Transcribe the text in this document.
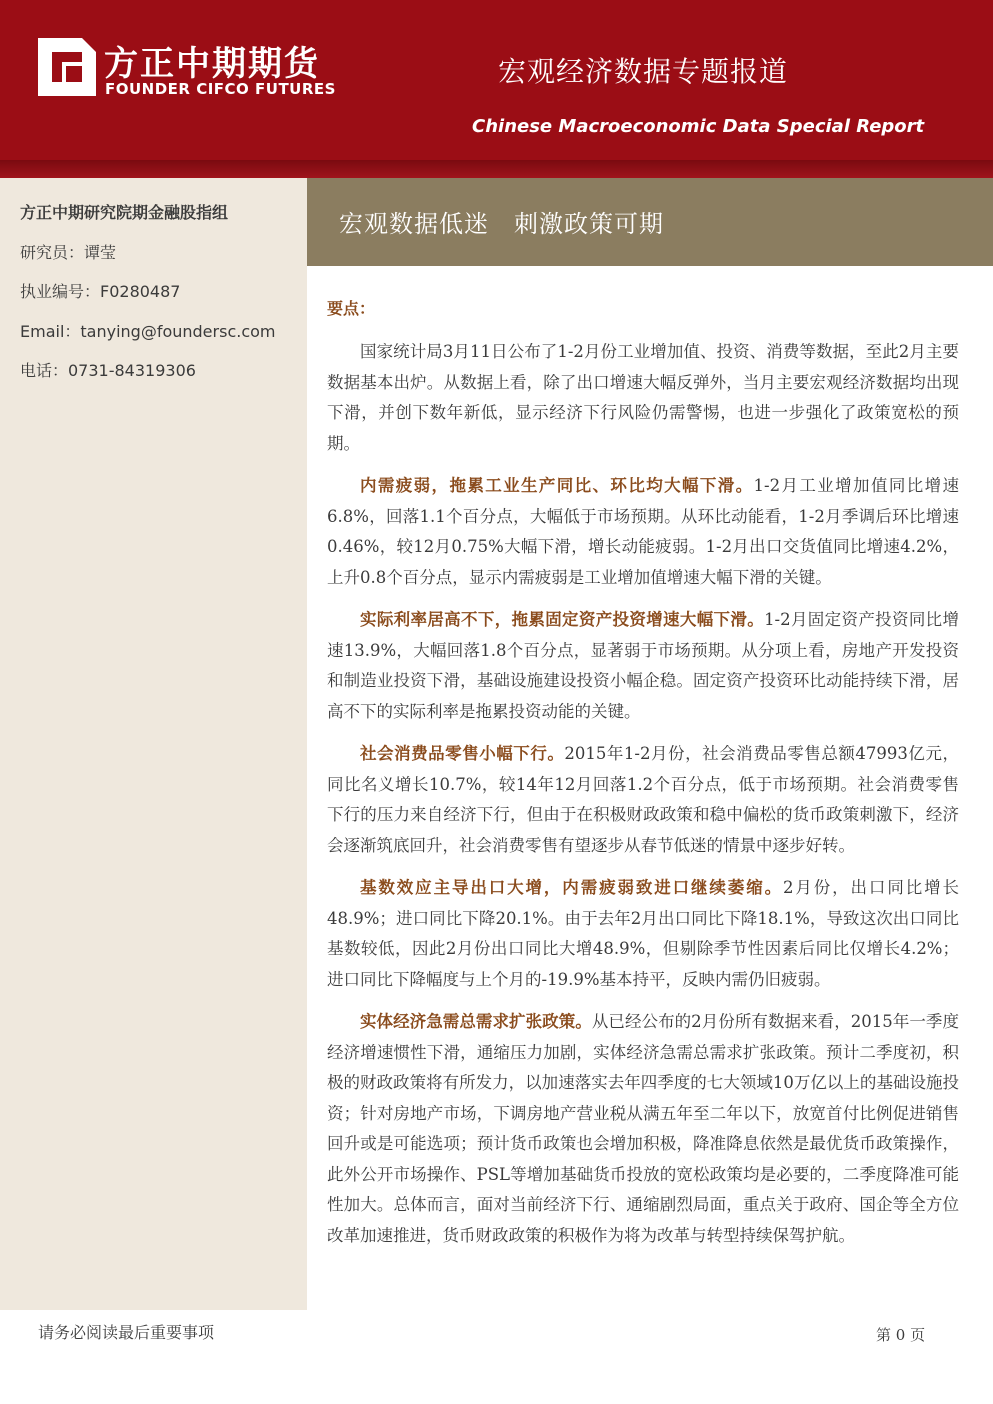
方正中期期货
FOUNDER CIFCO FUTURES
宏观经济数据专题报道
Chinese Macroeconomic Data Special Report
方正中期研究院期金融股指组
研究员：谭莹
执业编号：F0280487
Email：tanying@foundersc.com
电话：0731-84319306
宏观数据低迷　刺激政策可期
要点：

国家统计局3月11日公布了1-2月份工业增加值、投资、消费等数据，至此2月主要数据基本出炉。从数据上看，除了出口增速大幅反弹外，当月主要宏观经济数据均出现下滑，并创下数年新低，显示经济下行风险仍需警惕，也进一步强化了政策宽松的预期。

内需疲弱，拖累工业生产同比、环比均大幅下滑。1-2月工业增加值同比增速6.8%，回落1.1个百分点，大幅低于市场预期。从环比动能看，1-2月季调后环比增速0.46%，较12月0.75%大幅下滑，增长动能疲弱。1-2月出口交货值同比增速4.2%，上升0.8个百分点，显示内需疲弱是工业增加值增速大幅下滑的关键。

实际利率居高不下，拖累固定资产投资增速大幅下滑。1-2月固定资产投资同比增速13.9%，大幅回落1.8个百分点，显著弱于市场预期。从分项上看，房地产开发投资和制造业投资下滑，基础设施建设投资小幅企稳。固定资产投资环比动能持续下滑，居高不下的实际利率是拖累投资动能的关键。

社会消费品零售小幅下行。2015年1-2月份，社会消费品零售总额47993亿元，同比名义增长10.7%，较14年12月回落1.2个百分点，低于市场预期。社会消费零售下行的压力来自经济下行，但由于在积极财政政策和稳中偏松的货币政策刺激下，经济会逐渐筑底回升，社会消费零售有望逐步从春节低迷的情景中逐步好转。

基数效应主导出口大增，内需疲弱致进口继续萎缩。2月份，出口同比增长48.9%；进口同比下降20.1%。由于去年2月出口同比下降18.1%，导致这次出口同比基数较低，因此2月份出口同比大增48.9%，但剔除季节性因素后同比仅增长4.2%；进口同比下降幅度与上个月的-19.9%基本持平，反映内需仍旧疲弱。

实体经济急需总需求扩张政策。从已经公布的2月份所有数据来看，2015年一季度经济增速惯性下滑，通缩压力加剧，实体经济急需总需求扩张政策。预计二季度初，积极的财政政策将有所发力，以加速落实去年四季度的七大领域10万亿以上的基础设施投资；针对房地产市场，下调房地产营业税从满五年至二年以下，放宽首付比例促进销售回升或是可能选项；预计货币政策也会增加积极，降准降息依然是最优货币政策操作，此外公开市场操作、PSL等增加基础货币投放的宽松政策均是必要的，二季度降准可能性加大。总体而言，面对当前经济下行、通缩剧烈局面，重点关于政府、国企等全方位改革加速推进，货币财政政策的积极作为将为改革与转型持续保驾护航。

请务必阅读最后重要事项	第 0 页
